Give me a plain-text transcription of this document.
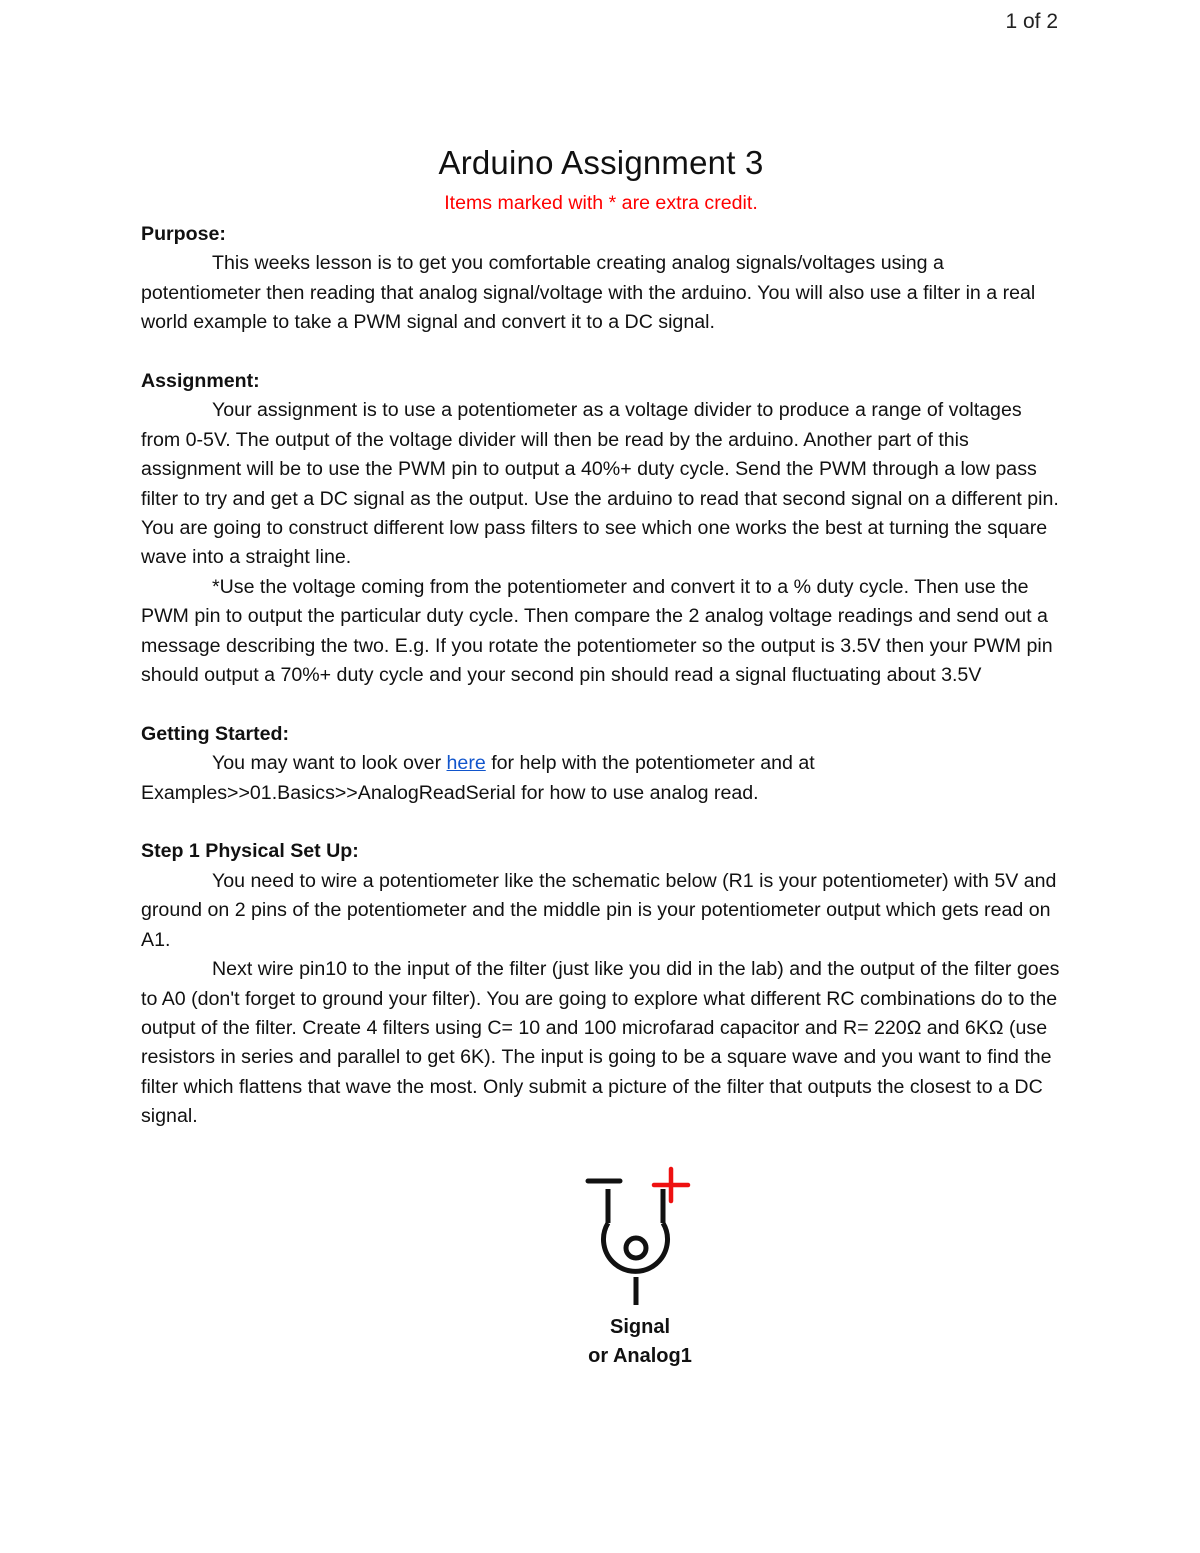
1 of 2
Arduino Assignment 3

Items marked with * are extra credit.

Purpose:

This weeks lesson is to get you comfortable creating analog signals/voltages using a potentiometer then reading that analog signal/voltage with the arduino. You will also use a filter in a real world example to take a PWM signal and convert it to a DC signal.

Assignment:

Your assignment is to use a potentiometer as a voltage divider to produce a range of voltages from 0-5V. The output of the voltage divider will then be read by the arduino. Another part of this assignment will be to use the PWM pin to output a 40%+ duty cycle. Send the PWM through a low pass filter to try and get a DC signal as the output. Use the arduino to read that second signal on a different pin. You are going to construct different low pass filters to see which one works the best at turning the square wave into a straight line.

*Use the voltage coming from the potentiometer and convert it to a % duty cycle. Then use the PWM pin to output the particular duty cycle. Then compare the 2 analog voltage readings and send out a message describing the two. E.g. If you rotate the potentiometer so the output is 3.5V then your PWM pin should output a 70%+ duty cycle and your second pin should read a signal fluctuating about 3.5V

Getting Started:

You may want to look over here for help with the potentiometer and at Examples>>01.Basics>>AnalogReadSerial for how to use analog read.

Step 1 Physical Set Up:

You need to wire a potentiometer like the schematic below (R1 is your potentiometer) with 5V and ground on 2 pins of the potentiometer and the middle pin is your potentiometer output which gets read on A1.

Next wire pin10 to the input of the filter (just like you did in the lab) and the output of the filter goes to A0 (don't forget to ground your filter). You are going to explore what different RC combinations do to the output of the filter. Create 4 filters using C= 10 and 100 microfarad capacitor and R= 220Ω and 6KΩ (use resistors in series and parallel to get 6K). The input is going to be a square wave and you want to find the filter which flattens that wave the most. Only submit a picture of the filter that outputs the closest to a DC signal.

Signal
or Analog1
